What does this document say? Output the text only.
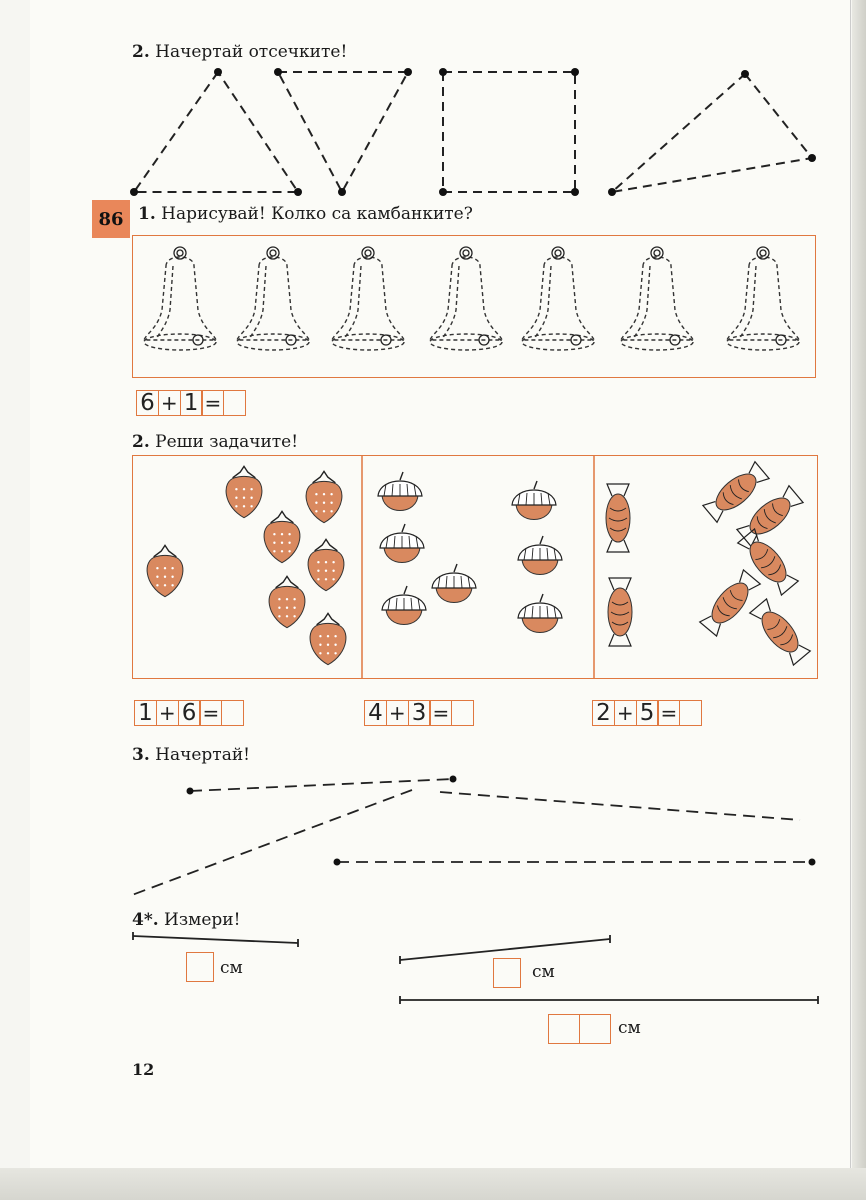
2. Начертай отсечките!
86 1. Нарисувай! Колко са камбанките?
6 + 1 =
2. Реши задачите!
1 + 6 =	4 + 3 =	2 + 5 =
3. Начертай!
4*. Измери!
см	см
см
12
